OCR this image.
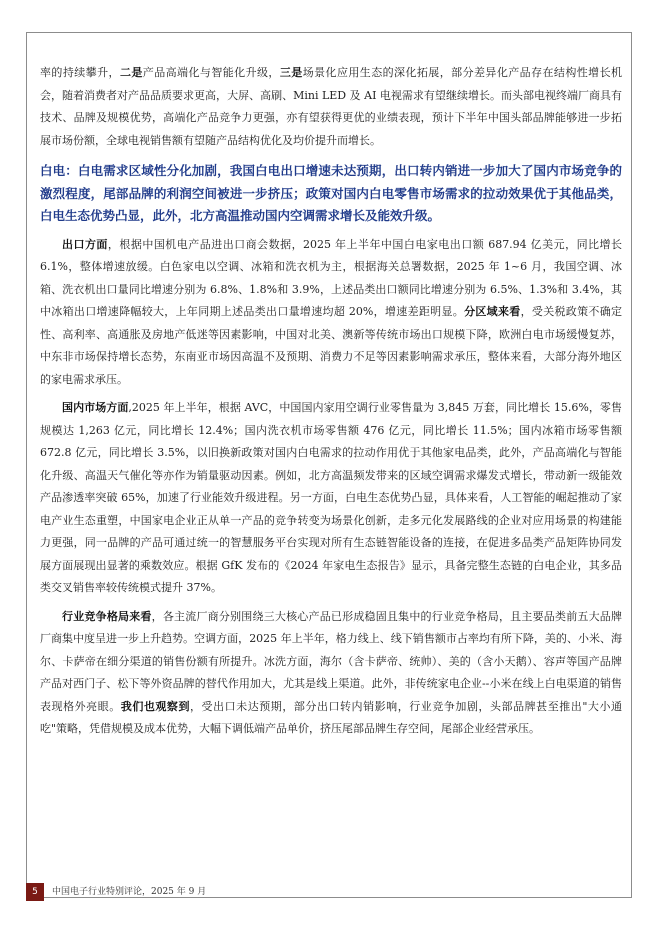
率的持续攀升，二是产品高端化与智能化升级，三是场景化应用生态的深化拓展，部分差异化产品存在结构性增长机会，随着消费者对产品品质要求更高，大屏、高刷、Mini LED 及 AI 电视需求有望继续增长。而头部电视终端厂商具有技术、品牌及规模优势，高端化产品竞争力更强，亦有望获得更优的业绩表现，预计下半年中国头部品牌能够进一步拓展市场份额，全球电视销售额有望随产品结构优化及均价提升而增长。

白电：白电需求区域性分化加剧，我国白电出口增速未达预期，出口转内销进一步加大了国内市场竞争的激烈程度，尾部品牌的利润空间被进一步挤压；政策对国内白电零售市场需求的拉动效果优于其他品类，白电生态优势凸显，此外，北方高温推动国内空调需求增长及能效升级。

出口方面，根据中国机电产品进出口商会数据，2025 年上半年中国白电家电出口额 687.94 亿美元，同比增长 6.1%，整体增速放缓。白色家电以空调、冰箱和洗衣机为主，根据海关总署数据，2025 年 1~6 月，我国空调、冰箱、洗衣机出口量同比增速分别为 6.8%、1.8%和 3.9%，上述品类出口额同比增速分别为 6.5%、1.3%和 3.4%，其中冰箱出口增速降幅较大，上年同期上述品类出口量增速均超 20%，增速差距明显。分区域来看，受关税政策不确定性、高利率、高通胀及房地产低迷等因素影响，中国对北美、澳新等传统市场出口规模下降，欧洲白电市场缓慢复苏，中东非市场保持增长态势，东南亚市场因高温不及预期、消费力不足等因素影响需求承压，整体来看，大部分海外地区的家电需求承压。

国内市场方面,2025 年上半年，根据 AVC，中国国内家用空调行业零售量为 3,845 万套，同比增长 15.6%，零售规模达 1,263 亿元，同比增长 12.4%；国内洗衣机市场零售额 476 亿元，同比增长 11.5%；国内冰箱市场零售额 672.8 亿元，同比增长 3.5%，以旧换新政策对国内白电需求的拉动作用优于其他家电品类，此外，产品高端化与智能化升级、高温天气催化等亦作为销量驱动因素。例如，北方高温频发带来的区域空调需求爆发式增长，带动新一级能效产品渗透率突破 65%，加速了行业能效升级进程。另一方面，白电生态优势凸显，具体来看，人工智能的崛起推动了家电产业生态重塑，中国家电企业正从单一产品的竞争转变为场景化创新，走多元化发展路线的企业对应用场景的构建能力更强，同一品牌的产品可通过统一的智慧服务平台实现对所有生态链智能设备的连接，在促进多品类产品矩阵协同发展方面展现出显著的乘数效应。根据 GfK 发布的《2024 年家电生态报告》显示，具备完整生态链的白电企业，其多品类交叉销售率较传统模式提升 37%。

行业竞争格局来看，各主流厂商分别围绕三大核心产品已形成稳固且集中的行业竞争格局，且主要品类前五大品牌厂商集中度呈进一步上升趋势。空调方面，2025 年上半年，格力线上、线下销售额市占率均有所下降，美的、小米、海尔、卡萨帝在细分渠道的销售份额有所提升。冰洗方面，海尔（含卡萨帝、统帅）、美的（含小天鹅）、容声等国产品牌产品对西门子、松下等外资品牌的替代作用加大，尤其是线上渠道。此外，非传统家电企业--小米在线上白电渠道的销售表现格外亮眼。我们也观察到，受出口未达预期，部分出口转内销影响，行业竞争加剧，头部品牌甚至推出"大小通吃"策略，凭借规模及成本优势，大幅下调低端产品单价，挤压尾部品牌生存空间，尾部企业经营承压。

5	中国电子行业特别评论，2025 年 9 月
